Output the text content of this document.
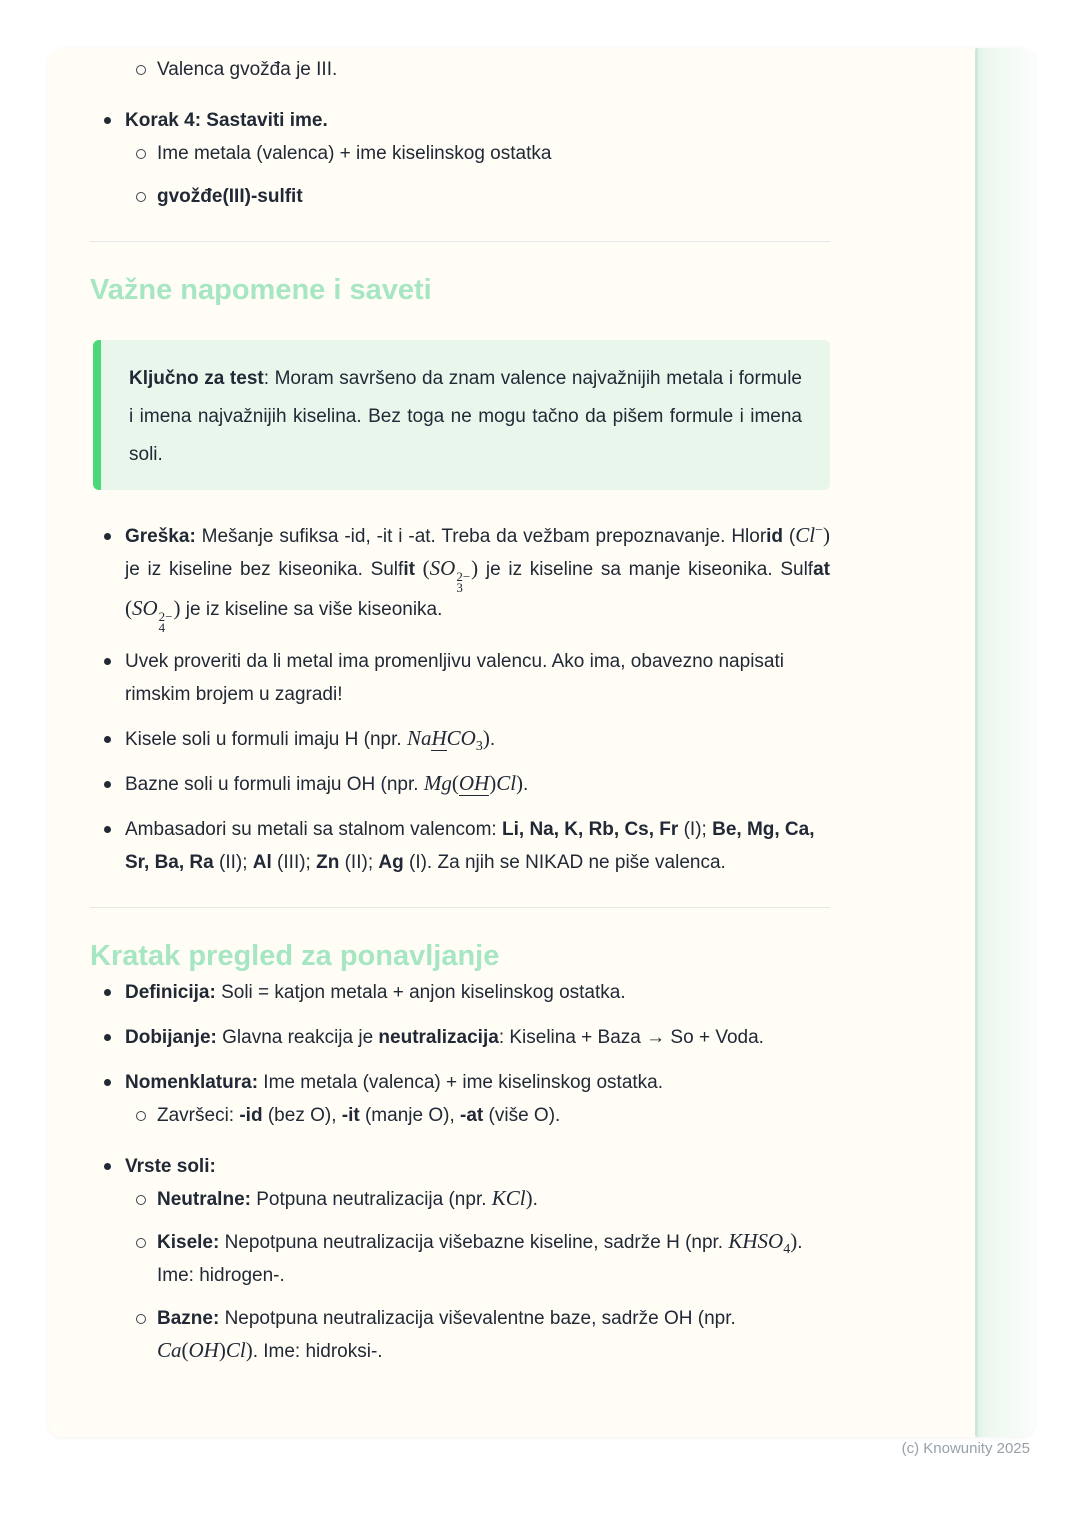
Valenca gvožđa je III.
Korak 4: Sastaviti ime.
Ime metala (valenca) + ime kiselinskog ostatka
gvožđe(III)-sulfit
Važne napomene i saveti
Ključno za test: Moram savršeno da znam valence najvažnijih metala i formule i imena najvažnijih kiselina. Bez toga ne mogu tačno da pišem formule i imena soli.
Greška: Mešanje sufiksa -id, -it i -at. Treba da vežbam prepoznavanje. Hlorid (Cl−) je iz kiseline bez kiseonika. Sulfit (SO 2−
3
) je iz kiseline sa manje kiseonika. Sulfat (SO 2−
4
) je iz kiseline sa više kiseonika.
Uvek proveriti da li metal ima promenljivu valencu. Ako ima, obavezno napisati rimskim brojem u zagradi!
Kisele soli u formuli imaju H (npr. NaHCO$_3$).
Bazne soli u formuli imaju OH (npr. Mg(OH)Cl).
Ambasadori su metali sa stalnom valencom: Li, Na, K, Rb, Cs, Fr (I); Be, Mg, Ca, Sr, Ba, Ra (II); Al (III); Zn (II); Ag (I). Za njih se NIKAD ne piše valenca.
Kratak pregled za ponavljanje
Definicija: Soli = katjon metala + anjon kiselinskog ostatka.
Dobijanje: Glavna reakcija je neutralizacija: Kiselina + Baza → So + Voda.
Nomenklatura: Ime metala (valenca) + ime kiselinskog ostatka.
Završeci: -id (bez O), -it (manje O), -at (više O).
Vrste soli:
Neutralne: Potpuna neutralizacija (npr. KCl).
Kisele: Nepotpuna neutralizacija višebazne kiseline, sadrže H (npr. $KHSO_4$). Ime: hidrogen-.
Bazne: Nepotpuna neutralizacija viševalentne baze, sadrže OH (npr. Ca(OH)Cl). Ime: hidroksi-.
(c) Knowunity 2025
